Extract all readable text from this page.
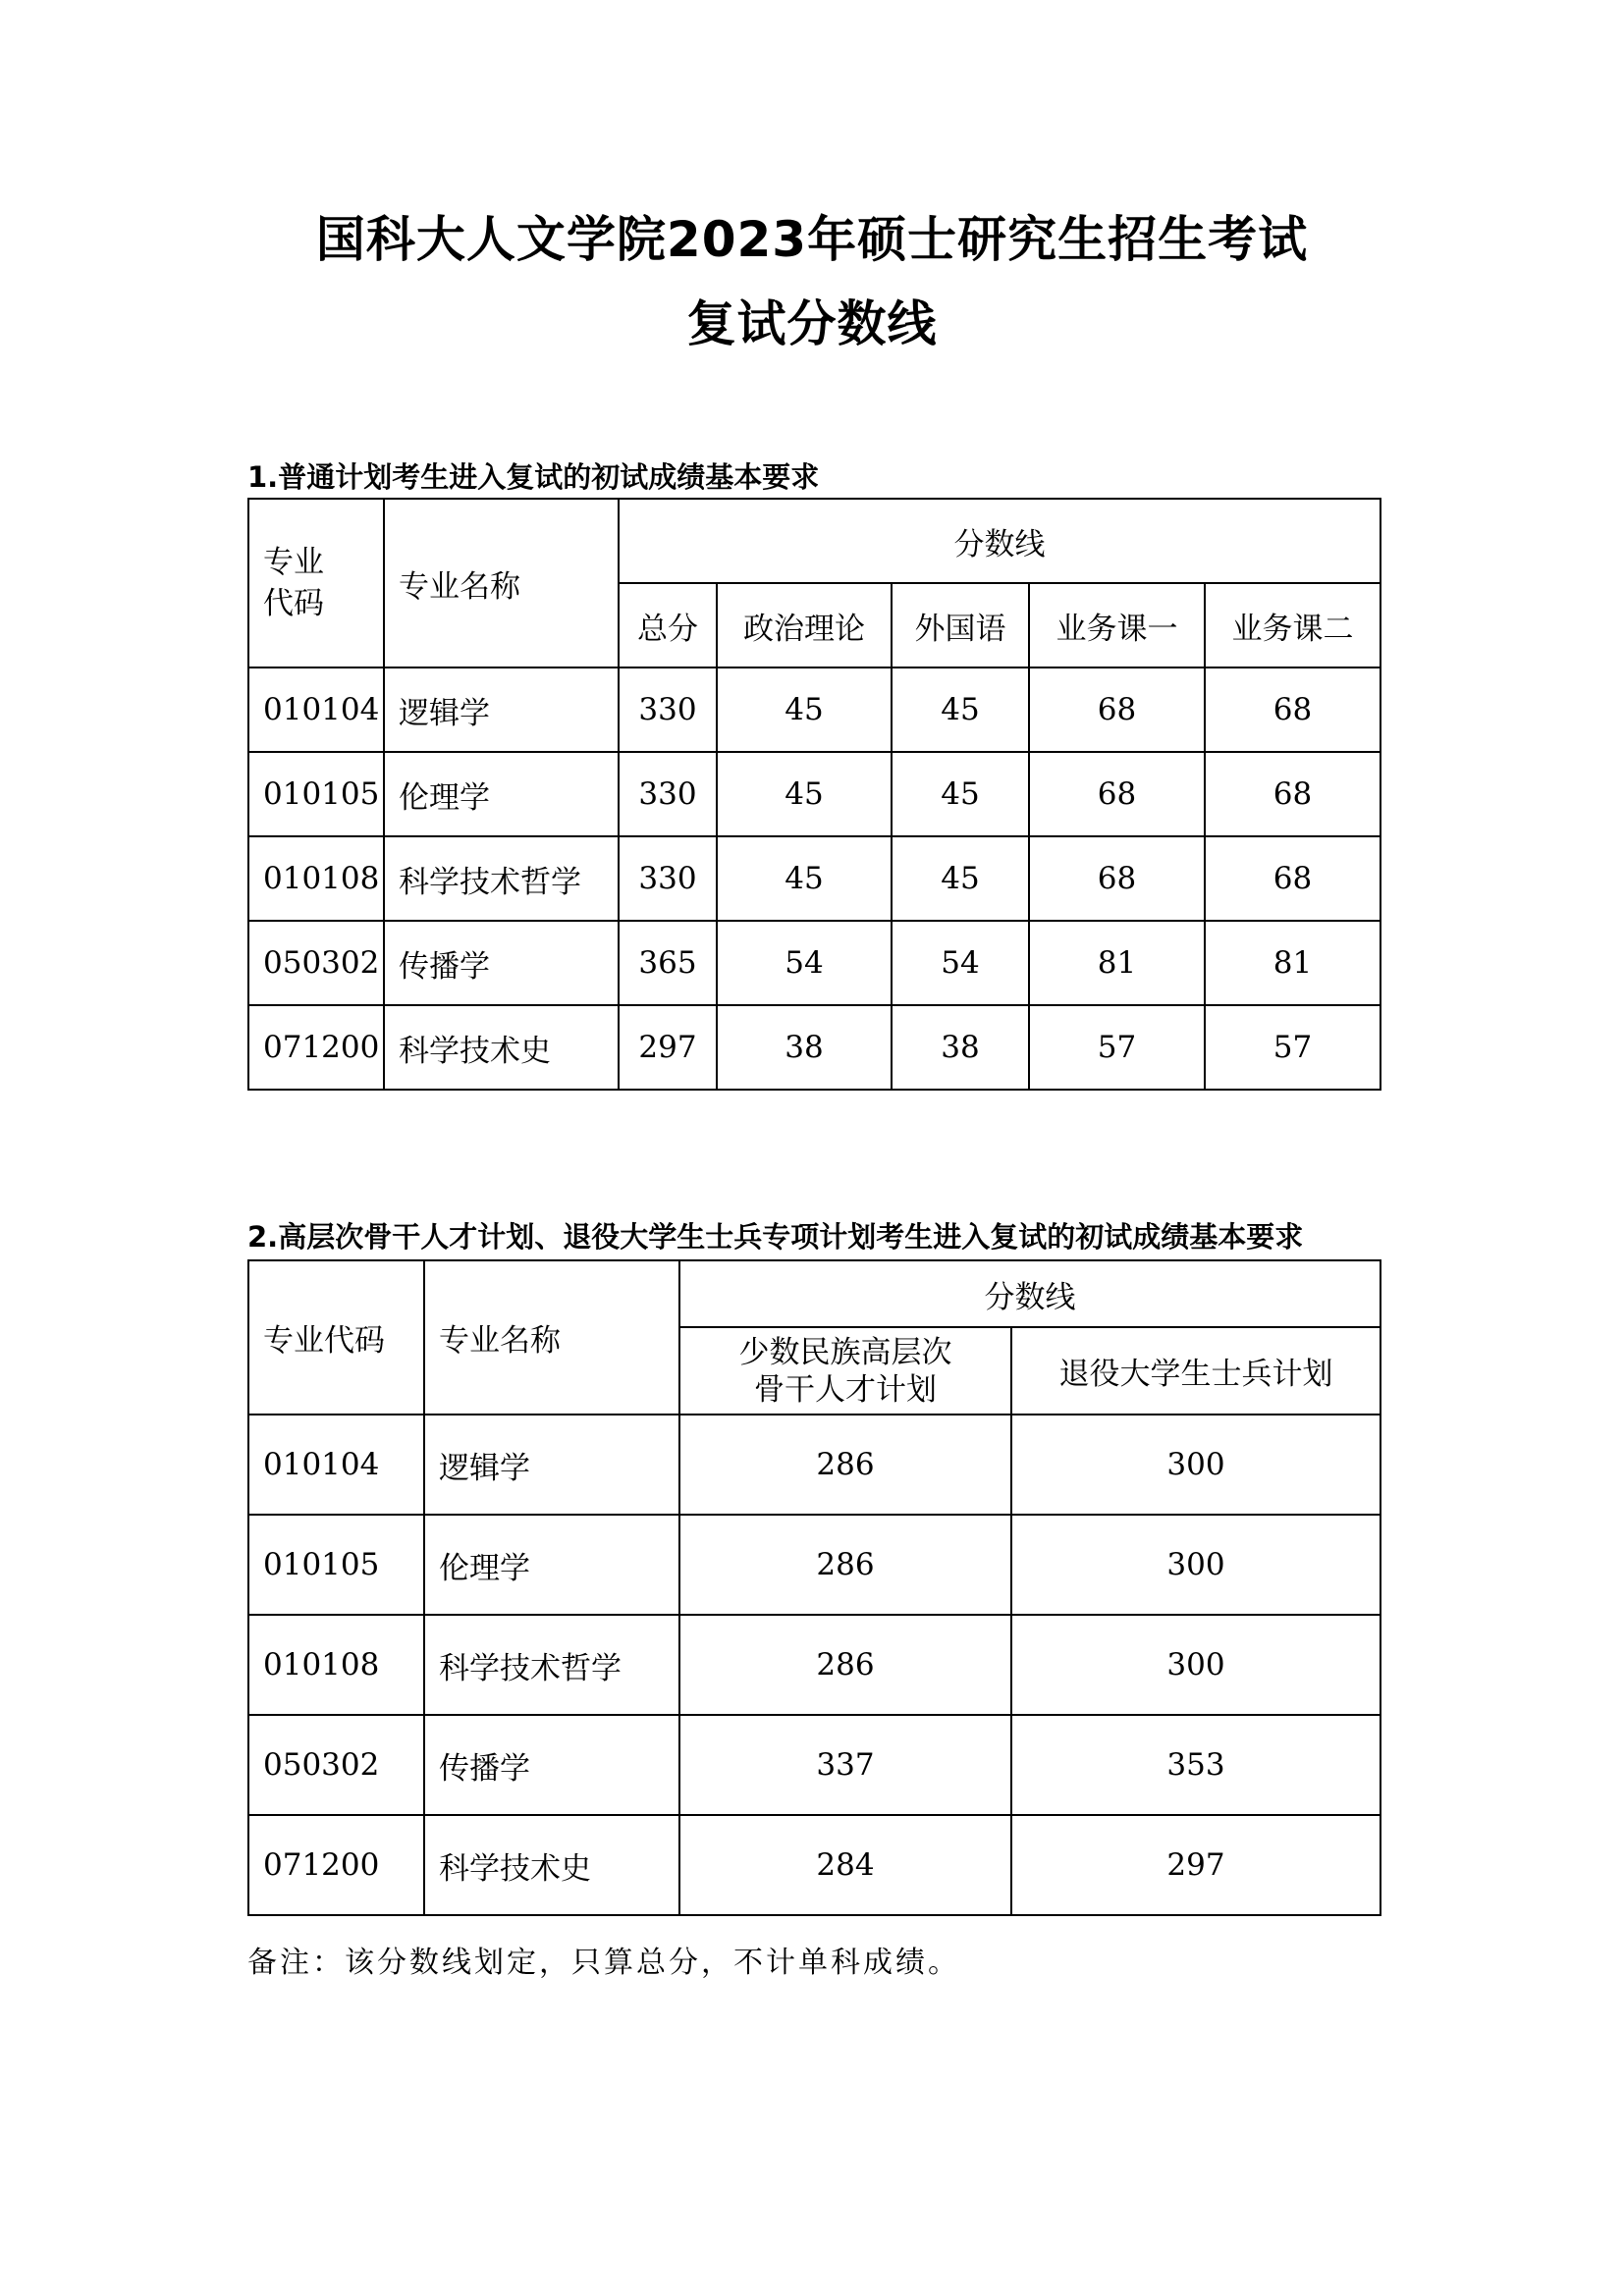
国科大人文学院2023年硕士研究生招生考试
复试分数线
1.普通计划考生进入复试的初试成绩基本要求
专业代码	专业名称	分数线				
		总分	政治理论	外国语	业务课一	业务课二
010104	逻辑学	330	45	45	68	68
010105	伦理学	330	45	45	68	68
010108	科学技术哲学	330	45	45	68	68
050302	传播学	365	54	54	81	81
071200	科学技术史	297	38	38	57	57
2.高层次骨干人才计划、退役大学生士兵专项计划考生进入复试的初试成绩基本要求
专业代码	专业名称	分数线	

		少数民族高层次
骨干人才计划	退役大学生士兵计划
010104	逻辑学	286	300
010105	伦理学	286	300
010108	科学技术哲学	286	300
050302	传播学	337	353
071200	科学技术史	284	297
备注：该分数线划定，只算总分，不计单科成绩。
